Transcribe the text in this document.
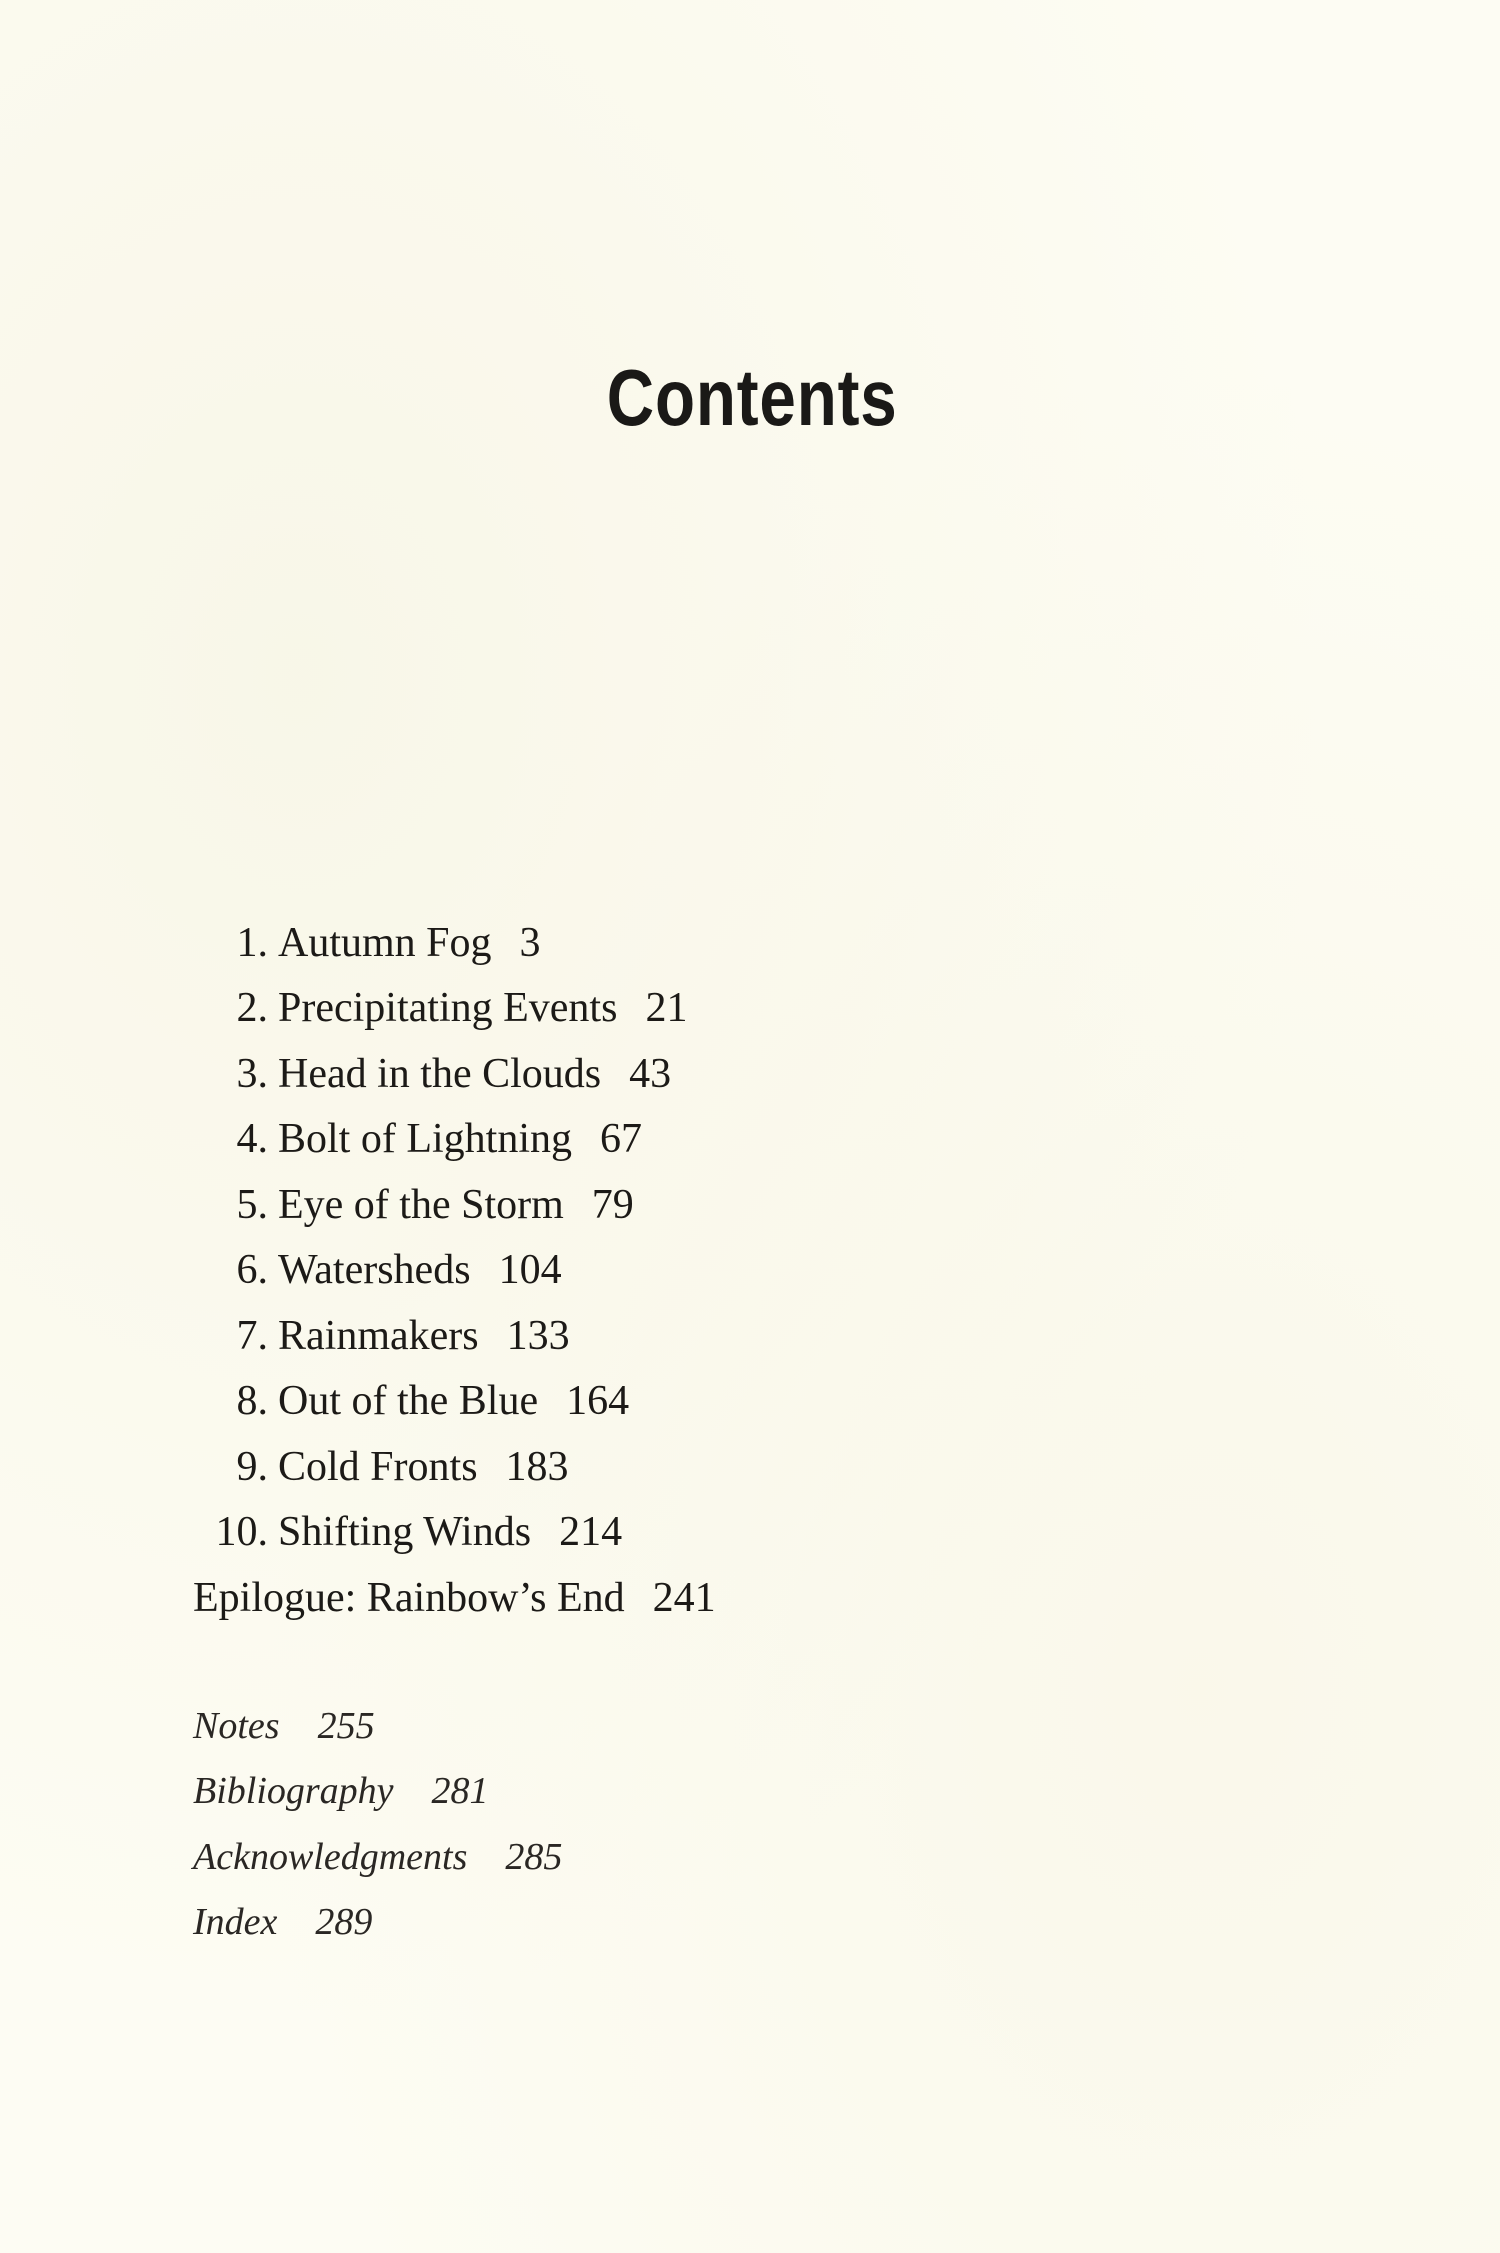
Contents
1. Autumn Fog 3
2. Precipitating Events 21
3. Head in the Clouds 43
4. Bolt of Lightning 67
5. Eye of the Storm 79
6. Watersheds 104
7. Rainmakers 133
8. Out of the Blue 164
9. Cold Fronts 183
10. Shifting Winds 214
Epilogue: Rainbow’s End 241
Notes 255
Bibliography 281
Acknowledgments 285
Index 289
